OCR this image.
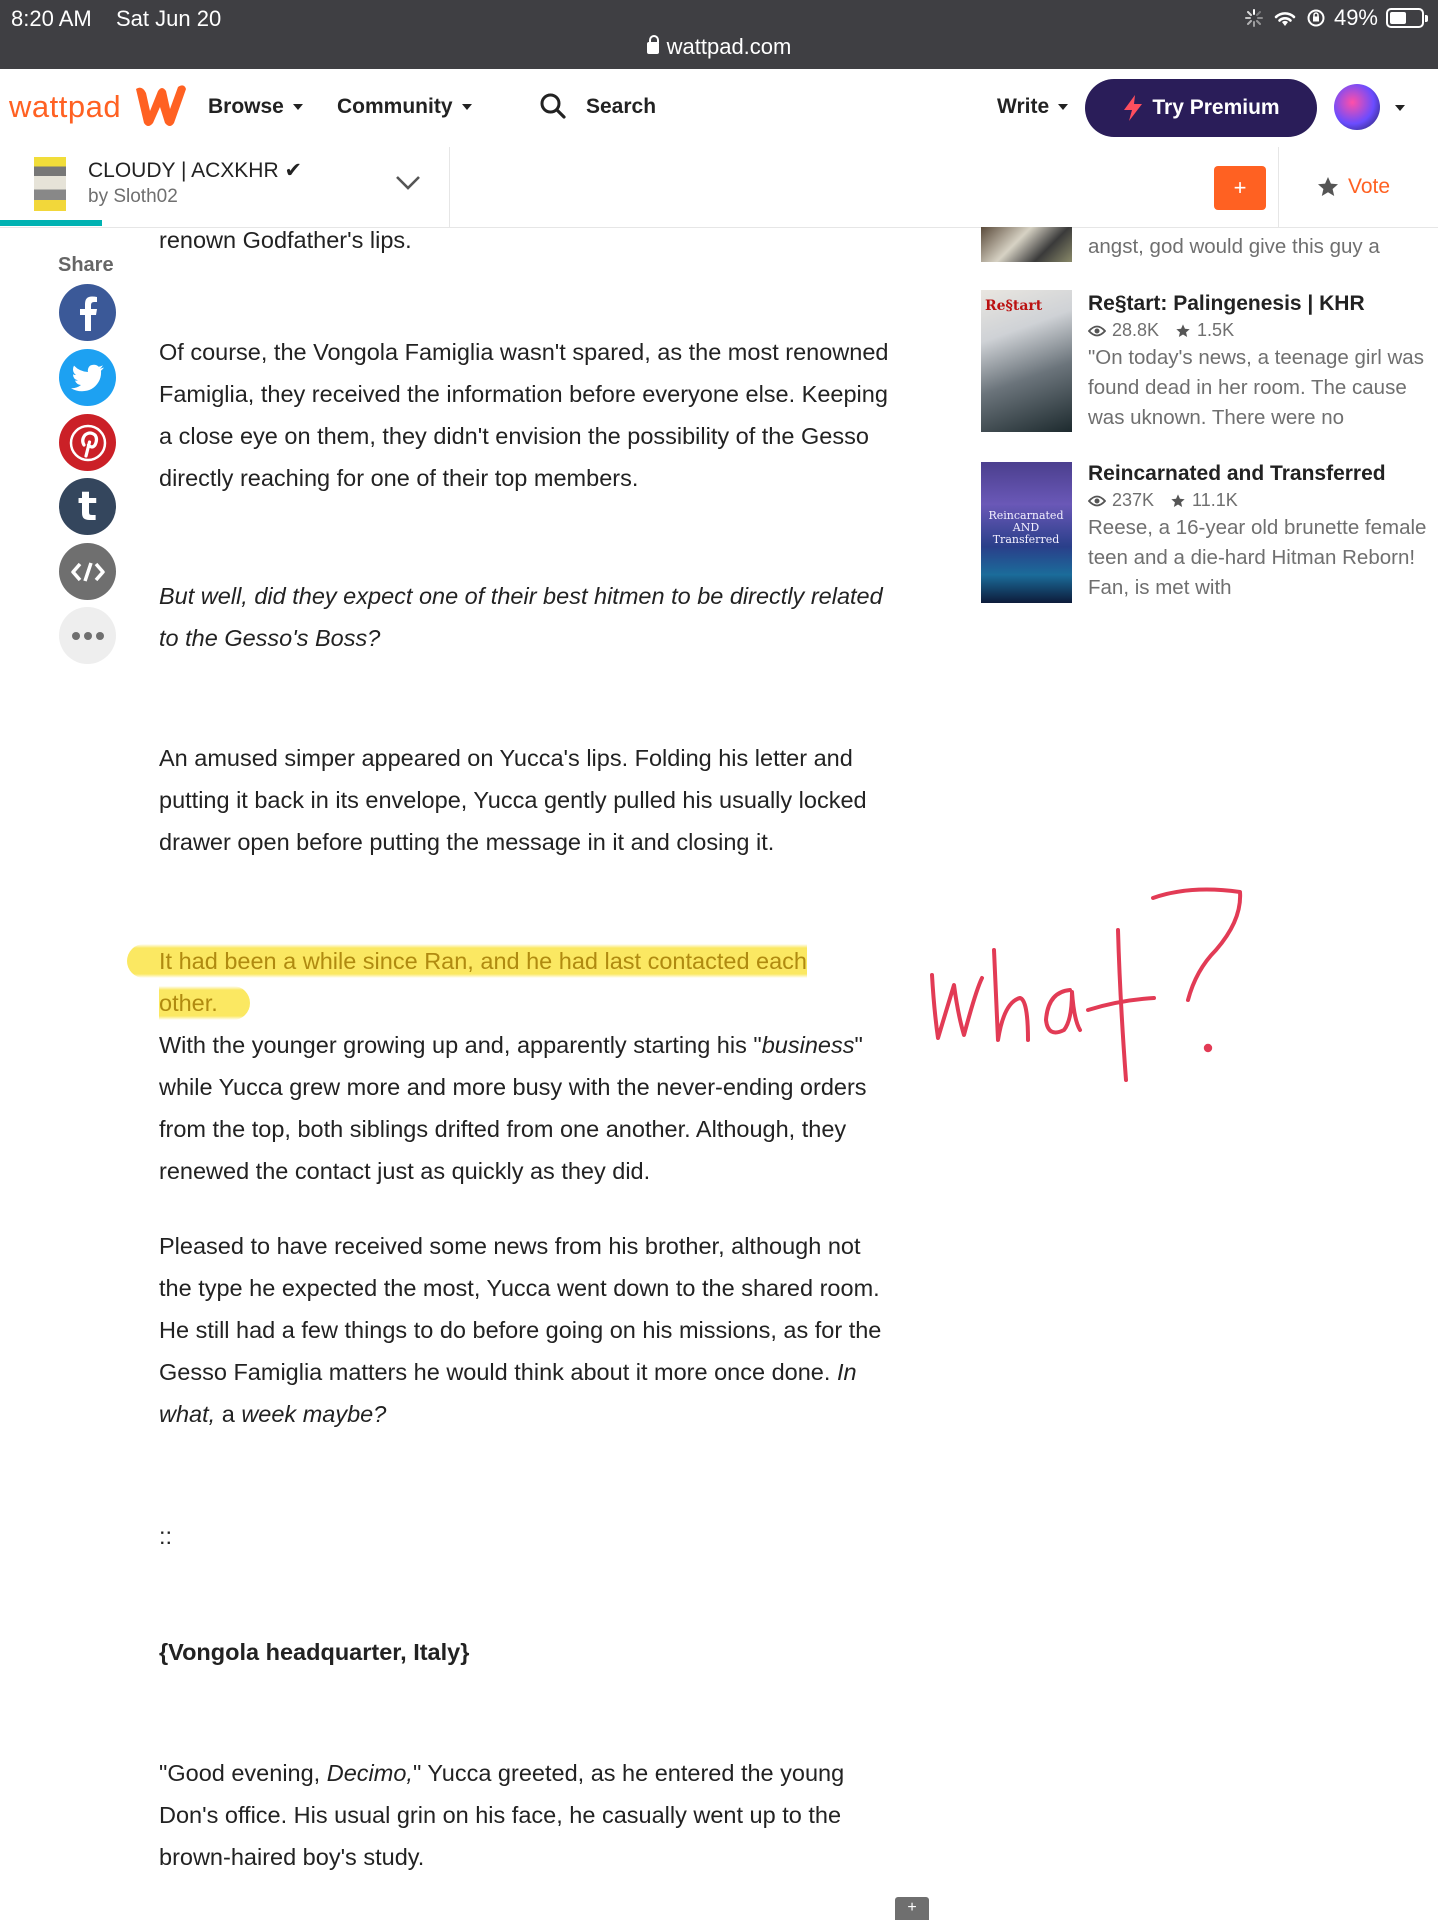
8:20 AM Sat Jun 20
wattpad.com
49%
wattpad	Browse	Community	Search	Write	Try Premium
CLOUDY | ACXKHR ✔
by Sloth02	+	Vote
Share
t

renown Godfather's lips.

Of course, the Vongola Famiglia wasn't spared, as the most renowned Famiglia, they received the information before everyone else. Keeping a close eye on them, they didn't envision the possibility of the Gesso directly reaching for one of their top members.

But well, did they expect one of their best hitmen to be directly related to the Gesso's Boss?

An amused simper appeared on Yucca's lips. Folding his letter and putting it back in its envelope, Yucca gently pulled his usually locked drawer open before putting the message in it and closing it.

It had been a while since Ran, and he had last contacted each other.
With the younger growing up and, apparently starting his "business" while Yucca grew more and more busy with the never-ending orders from the top, both siblings drifted from one another. Although, they renewed the contact just as quickly as they did.

Pleased to have received some news from his brother, although not the type he expected the most, Yucca went down to the shared room. He still had a few things to do before going on his missions, as for the Gesso Famiglia matters he would think about it more once done. In what, a week maybe?

::

{Vongola headquarter, Italy}

"Good evening, Decimo," Yucca greeted, as he entered the young Don's office. His usual grin on his face, he casually went up to the brown-haired boy's study.

+

angst, god would give this guy a

Re§tart Re§tart: Palingenesis | KHR
28.8K 1.5K

"On today's news, a teenage girl was found dead in her room. The cause was uknown. There were no

Reincarnated
AND
Transferred
Reincarnated and Transferred
237K 11.1K

Reese, a 16-year old brunette female teen and a die-hard Hitman Reborn! Fan, is met with
